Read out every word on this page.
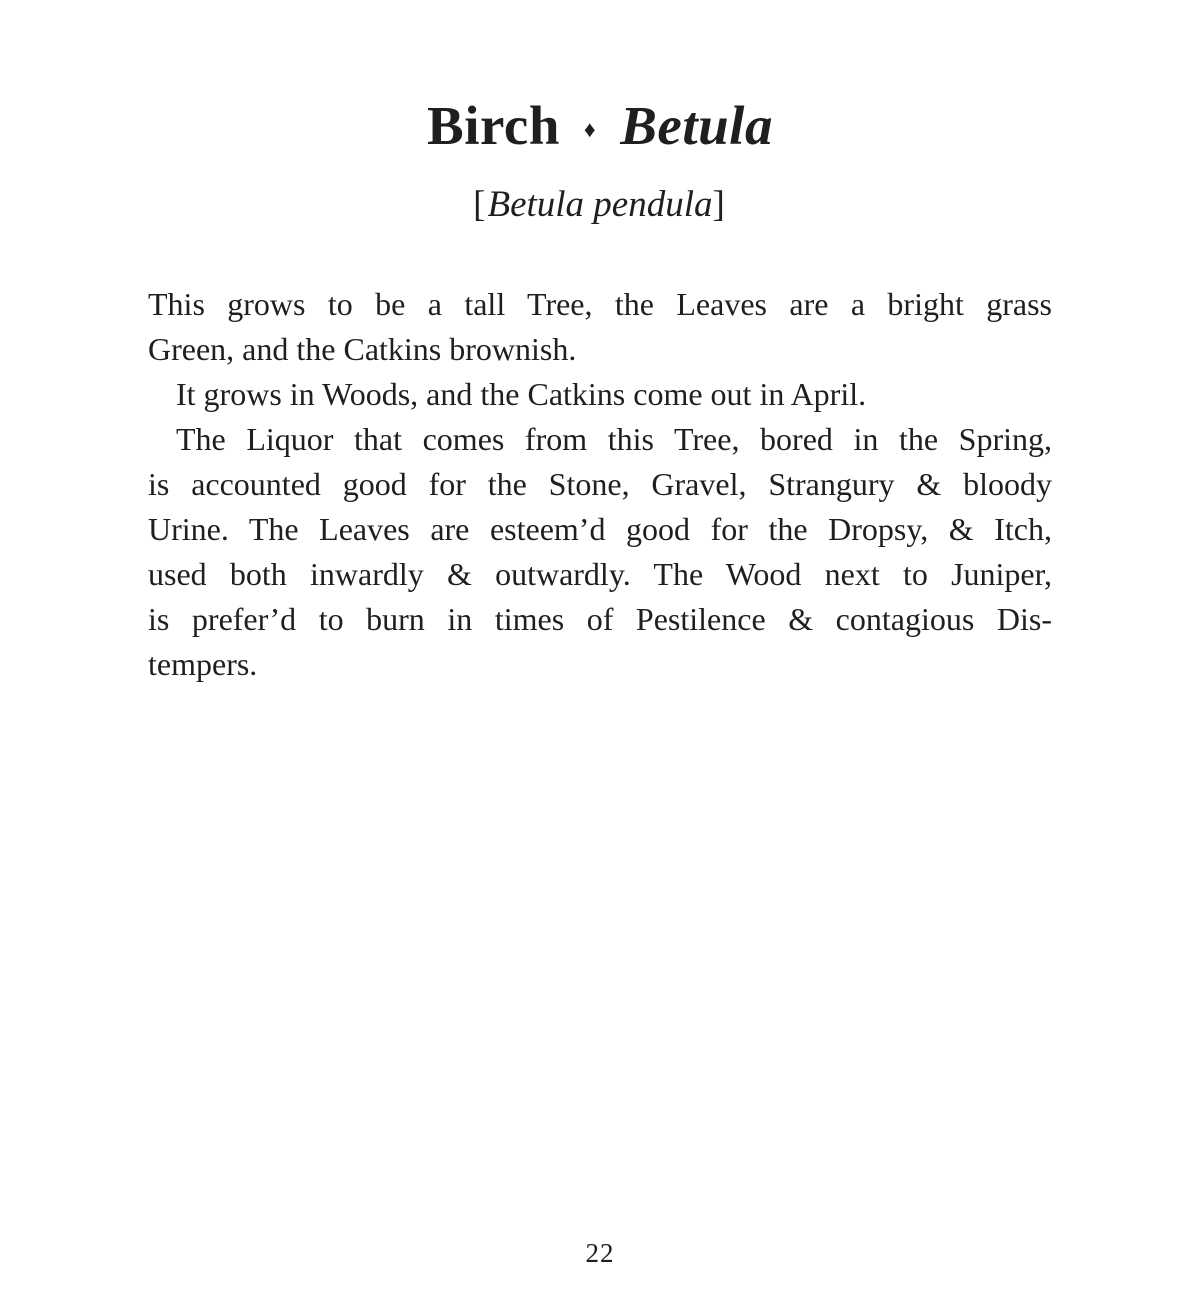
Birch ♦ Betula
[Betula pendula]
This grows to be a tall Tree, the Leaves are a bright grass
Green, and the Catkins brownish.
It grows in Woods, and the Catkins come out in April.
The Liquor that comes from this Tree, bored in the Spring,
is accounted good for the Stone, Gravel, Strangury & bloody
Urine. The Leaves are esteem’d good for the Dropsy, & Itch,
used both inwardly & outwardly. The Wood next to Juniper,
is prefer’d to burn in times of Pestilence & contagious Dis-
tempers.
22
